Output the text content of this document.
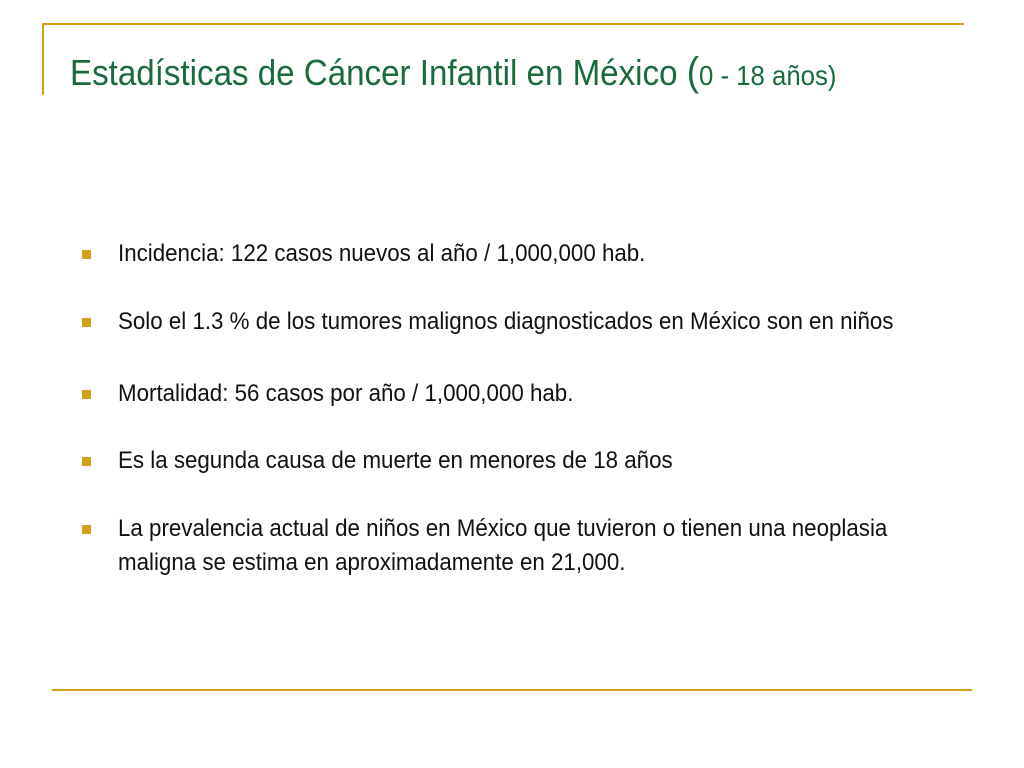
Estadísticas de Cáncer Infantil en México (0 - 18 años)
Incidencia: 122 casos nuevos al año / 1,000,000 hab.
Solo el 1.3 % de los tumores malignos diagnosticados en México son en niños
Mortalidad: 56 casos por año / 1,000,000 hab.
Es la segunda causa de muerte en menores de 18 años
La prevalencia actual de niños en México que tuvieron o tienen una neoplasia maligna se estima en aproximadamente en 21,000.
